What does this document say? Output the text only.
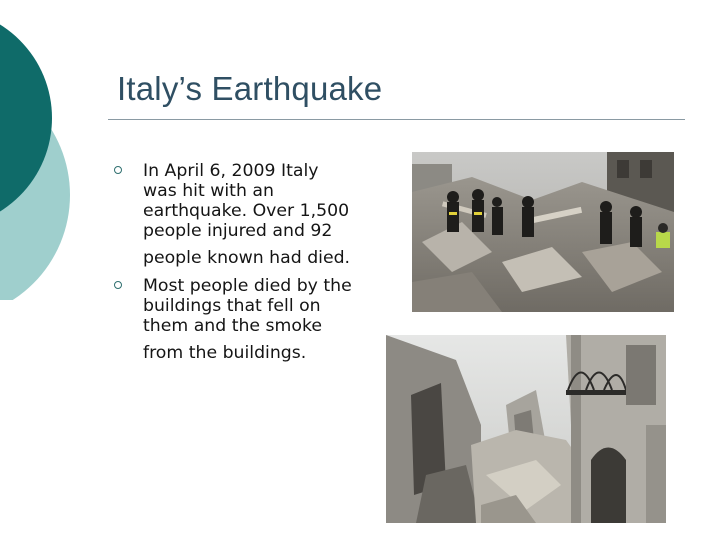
Italy’s Earthquake
In April 6, 2009 Italy
was hit with an
earthquake. Over 1,500
people injured and 92
people known had died.
Most people died by the
buildings that fell on
them and the smoke
from the buildings.
